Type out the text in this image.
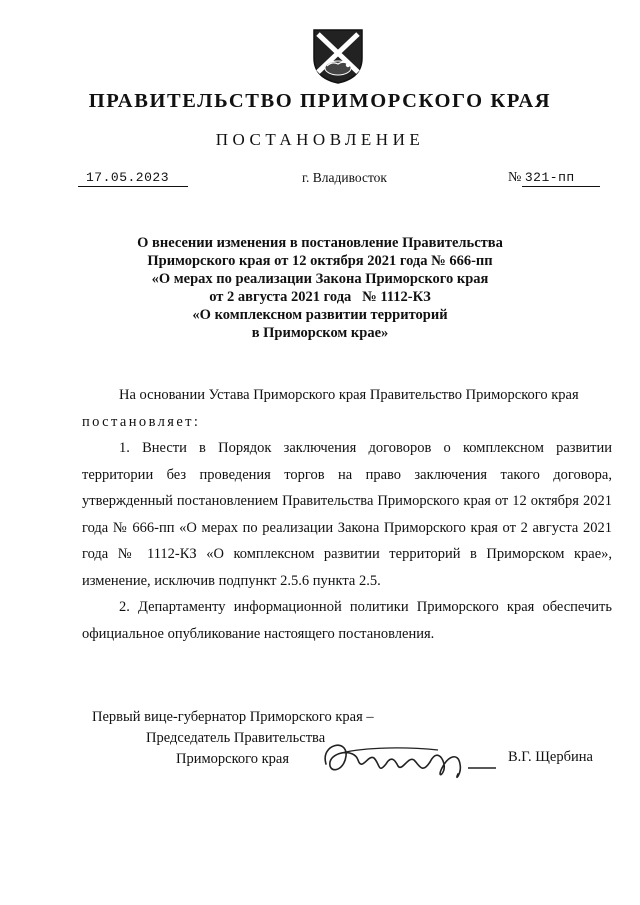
ПРАВИТЕЛЬСТВО ПРИМОРСКОГО КРАЯ
ПОСТАНОВЛЕНИЕ
17.05.2023	г. Владивосток	№ 321-пп
О внесении изменения в постановление Правительства
Приморского края от 12 октября 2021 года № 666-пп
«О мерах по реализации Закона Приморского края
от 2 августа 2021 года   № 1112-КЗ
«О комплексном развитии территорий
в Приморском крае»

На основании Устава Приморского края Правительство Приморского края

постановляет:

1. Внести в Порядок заключения договоров о комплексном развитии территории без проведения торгов на право заключения такого договора, утвержденный постановлением Правительства Приморского края от 12 октября 2021 года № 666-пп «О мерах по реализации Закона Приморского края от 2 августа 2021 года № 1112-КЗ «О комплексном развитии территорий в Приморском крае», изменение, исключив подпункт 2.5.6 пункта 2.5.

2. Департаменту информационной политики Приморского края обеспечить официальное опубликование настоящего постановления.

Первый вице-губернатор Приморского края –
Председатель Правительства
Приморского края	В.Г. Щербина
